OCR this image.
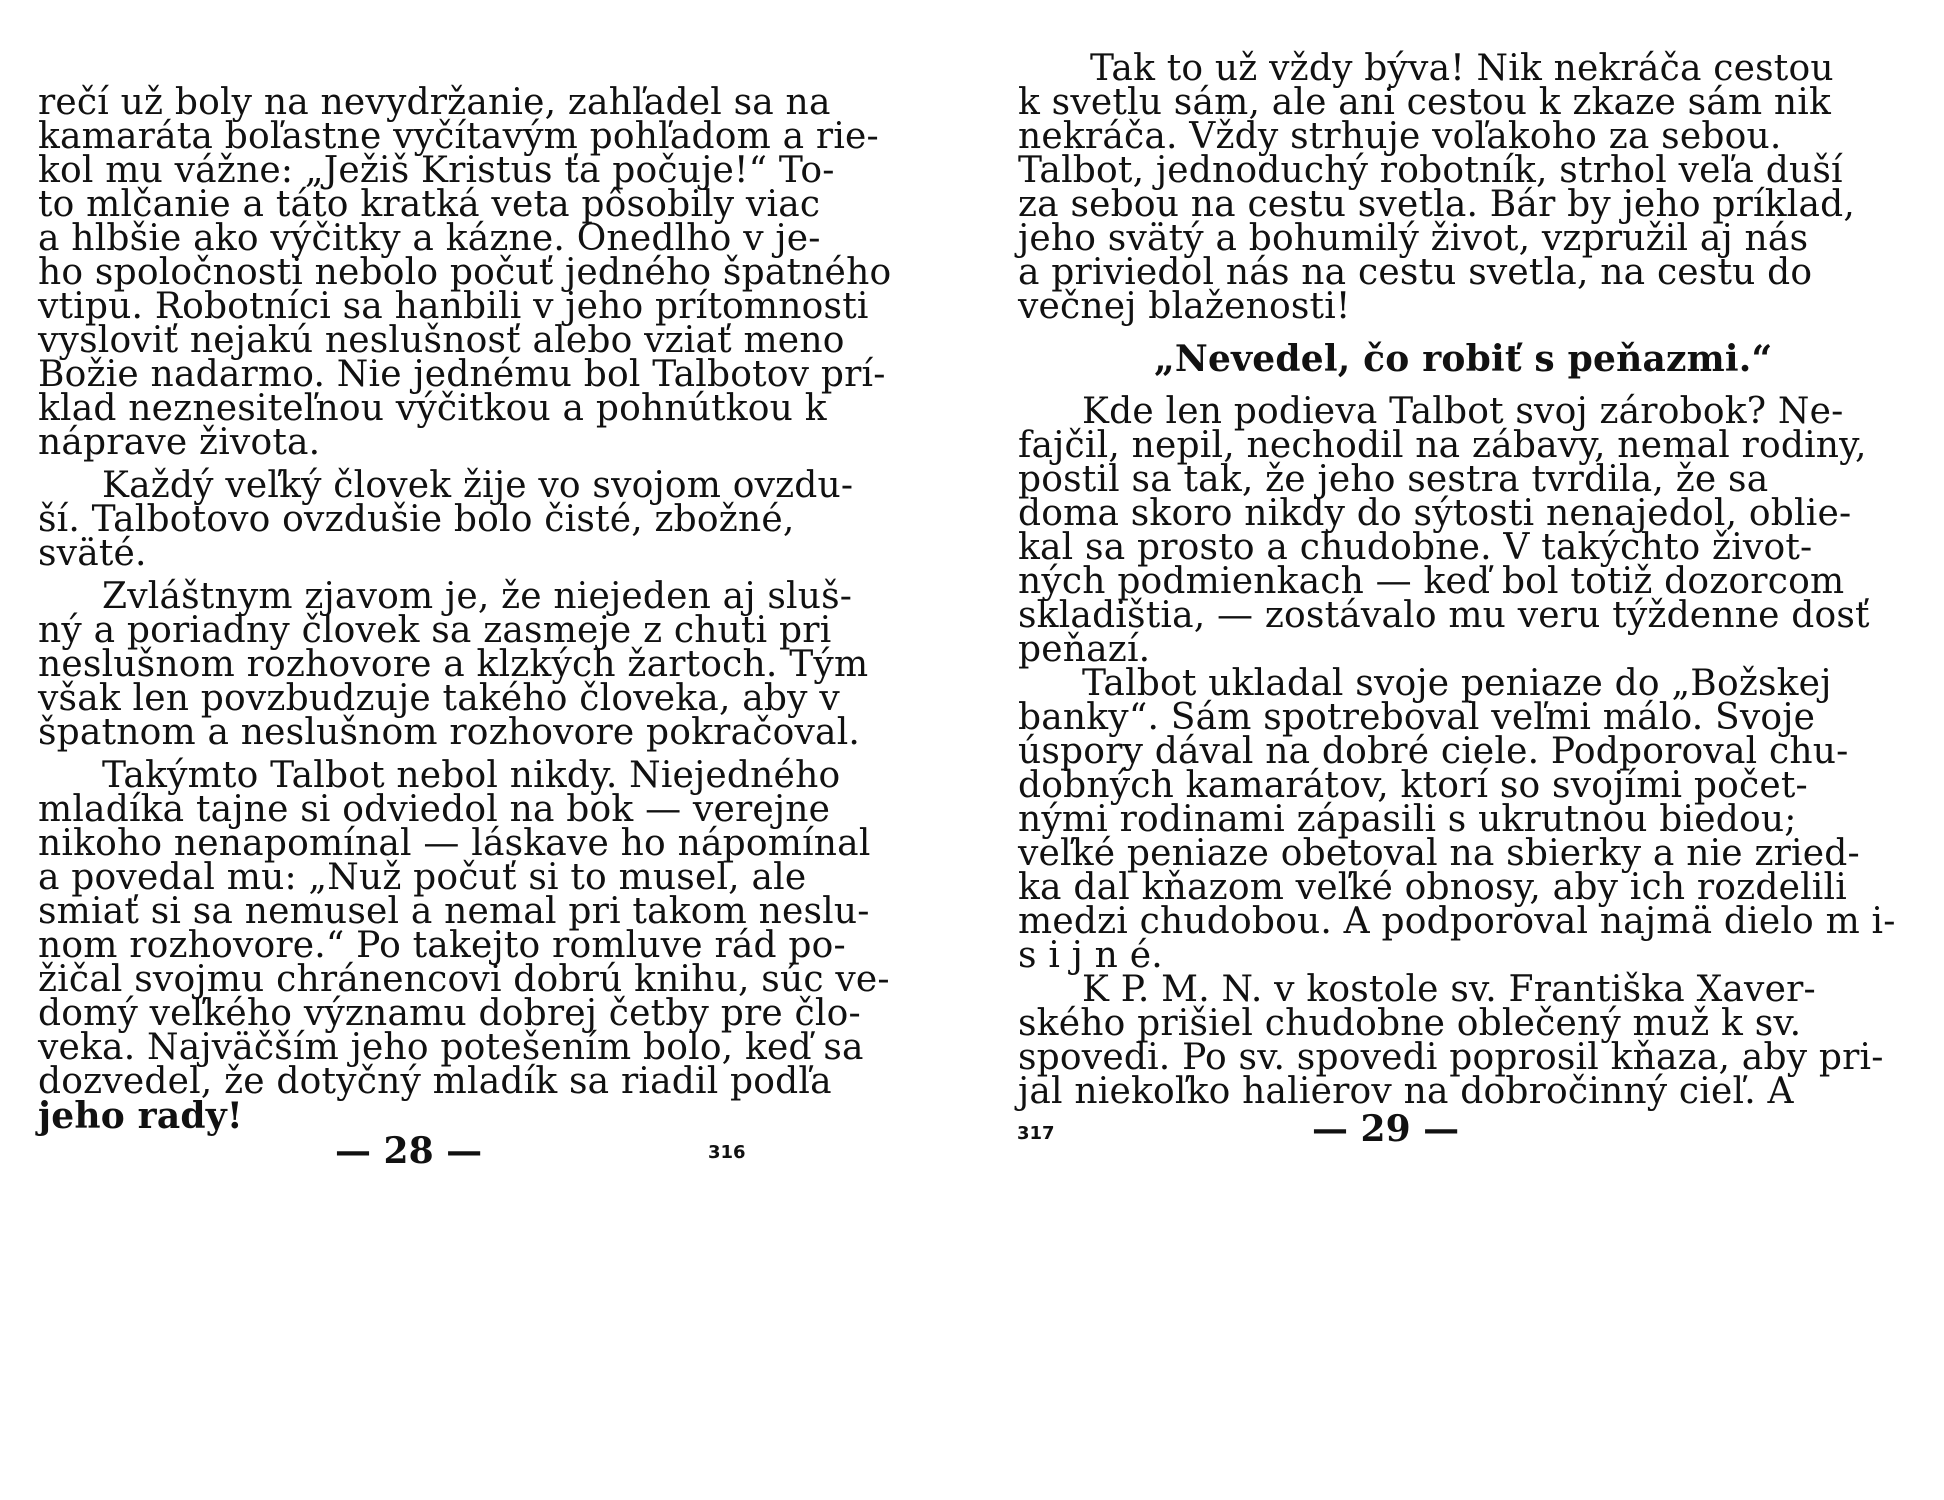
rečí už boly na nevydržanie, zahľadel sa na
kamaráta boľastne vyčítavým pohľadom a rie-
kol mu vážne: „Ježiš Kristus ťa počuje!“ To-
to mlčanie a táto kratká veta pôsobily viac
a hlbšie ako výčitky a kázne. Onedlho v je-
ho spoločnosti nebolo počuť jedného špatného
vtipu. Robotníci sa hanbili v jeho prítomnosti
vysloviť nejakú neslušnosť alebo vziať meno
Božie nadarmo. Nie jednému bol Talbotov prí-
klad neznesiteľnou výčitkou a pohnútkou k
náprave života.
Každý veľký človek žije vo svojom ovzdu-
ší. Talbotovo ovzdušie bolo čisté, zbožné,
sväté.
Zvláštnym zjavom je, že niejeden aj sluš-
ný a poriadny človek sa zasmeje z chuti pri
neslušnom rozhovore a klzkých žartoch. Tým
však len povzbudzuje takého človeka, aby v
špatnom a neslušnom rozhovore pokračoval.
Takýmto Talbot nebol nikdy. Niejedného
mladíka tajne si odviedol na bok — verejne
nikoho nenapomínal — láskave ho nápomínal
a povedal mu: „Nuž počuť si to musel, ale
smiať si sa nemusel a nemal pri takom neslu-
nom rozhovore.“ Po takejto romluve rád po-
žičal svojmu chránencovi dobrú knihu, súc ve-
domý veľkého významu dobrej četby pre člo-
veka. Najväčším jeho potešením bolo, keď sa
dozvedel, že dotyčný mladík sa riadil podľa
jeho rady!
— 28 —	316
Tak to už vždy býva! Nik nekráča cestou
k svetlu sám, ale ani cestou k zkaze sám nik
nekráča. Vždy strhuje voľakoho za sebou.
Talbot, jednoduchý robotník, strhol veľa duší
za sebou na cestu svetla. Bár by jeho príklad,
jeho svätý a bohumilý život, vzpružil aj nás
a priviedol nás na cestu svetla, na cestu do
večnej blaženosti!
„Nevedel, čo robiť s peňazmi.“
Kde len podieva Talbot svoj zárobok? Ne-
fajčil, nepil, nechodil na zábavy, nemal rodiny,
postil sa tak, že jeho sestra tvrdila, že sa
doma skoro nikdy do sýtosti nenajedol, oblie-
kal sa prosto a chudobne. V takýchto život-
ných podmienkach — keď bol totiž dozorcom
skladištia, — zostávalo mu veru týždenne dosť
peňazí.
Talbot ukladal svoje peniaze do „Božskej
banky“. Sám spotreboval veľmi málo. Svoje
úspory dával na dobré ciele. Podporoval chu-
dobných kamarátov, ktorí so svojími počet-
nými rodinami zápasili s ukrutnou biedou;
veľké peniaze obetoval na sbierky a nie zried-
ka dal kňazom veľké obnosy, aby ich rozdelili
medzi chudobou. A podporoval najmä dielo m i-
s i j n é.
K P. M. N. v kostole sv. Františka Xaver-
ského prišiel chudobne oblečený muž k sv.
spovedi. Po sv. spovedi poprosil kňaza, aby pri-
jal niekoľko halierov na dobročinný cieľ. A
317	— 29 —
